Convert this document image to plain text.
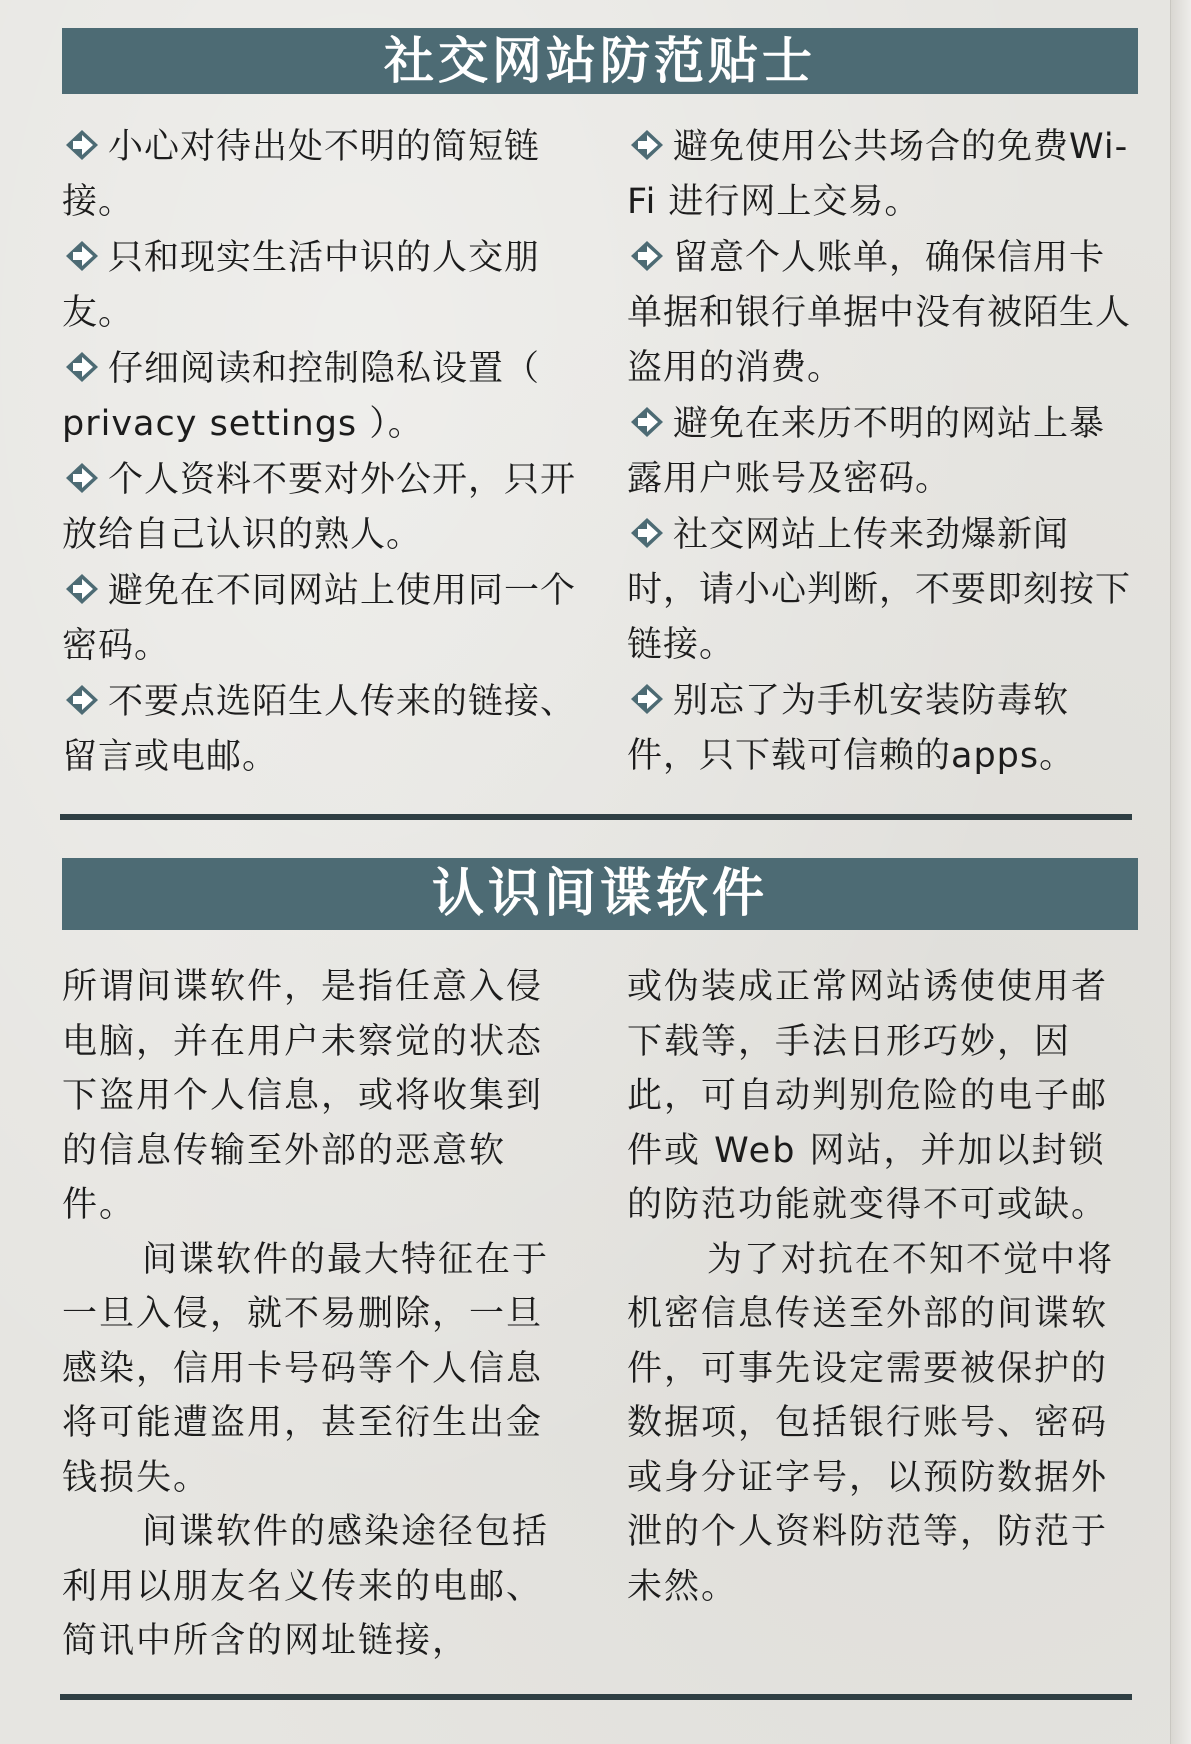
社交网站防范贴士

小心对待出处不明的简短链接。

只和现实生活中识的人交朋友。

仔细阅读和控制隐私设置（ privacy settings ）。

个人资料不要对外公开，只开放给自己认识的熟人。

避免在不同网站上使用同一个密码。

不要点选陌生人传来的链接、留言或电邮。

避免使用公共场合的免费Wi-Fi 进行网上交易。

留意个人账单，确保信用卡单据和银行单据中没有被陌生人盗用的消费。

避免在来历不明的网站上暴露用户账号及密码。

社交网站上传来劲爆新闻时，请小心判断，不要即刻按下链接。

别忘了为手机安装防毒软件，只下载可信赖的apps。

认识间谍软件

所谓间谍软件，是指任意入侵电脑，并在用户未察觉的状态下盗用个人信息，或将收集到的信息传输至外部的恶意软件。

间谍软件的最大特征在于一旦入侵，就不易删除，一旦感染，信用卡号码等个人信息将可能遭盗用，甚至衍生出金钱损失。

间谍软件的感染途径包括利用以朋友名义传来的电邮、简讯中所含的网址链接，

或伪装成正常网站诱使使用者下载等，手法日形巧妙，因此，可自动判别危险的电子邮件或 Web 网站，并加以封锁的防范功能就变得不可或缺。

为了对抗在不知不觉中将机密信息传送至外部的间谍软件，可事先设定需要被保护的数据项，包括银行账号、密码或身分证字号，以预防数据外泄的个人资料防范等，防范于未然。
